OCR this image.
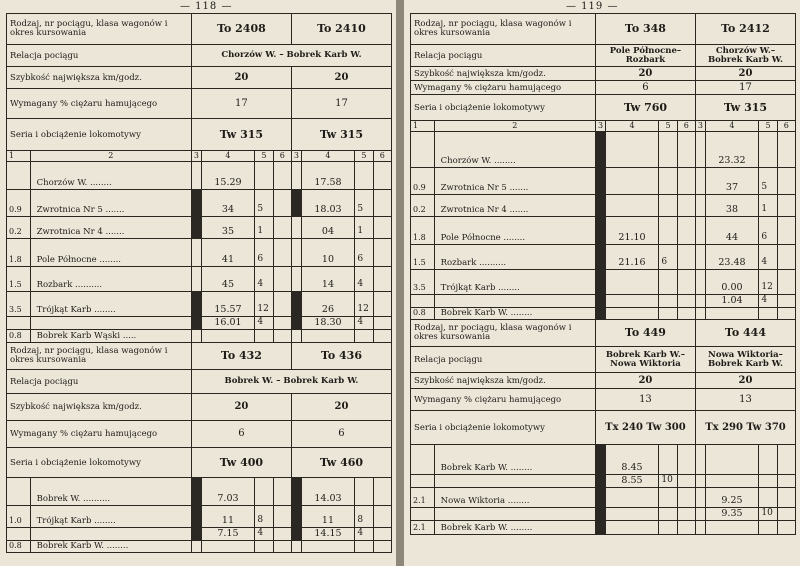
— 118 —
Rodzaj, nr pociągu, klasa wagonów i okres kursowania		To 2408				To 2410			
Relacja pociągu		Chorzów W. – Bobrek Karb W.							
Szybkość największa km/godz.		20				20			
Wymagany % ciężaru hamującego		17				17			
Seria i obciążenie lokomotywy		Tw 315				Tw 315			
1	2	3	4	5	6	3	4	5	6
	Chorzów W. ........		15.29				17.58		
0.9	Zwrotnica Nr 5 .......		34	5			18.03	5	
0.2	Zwrotnica Nr 4 .......		35	1			04	1	
1.8	Pole Północne ........		41	6			10	6	
1.5	Rozbark ..........		45	4			14	4	
3.5	Trójkąt Karb ........		15.57	12			26	12	
			16.01	4			18.30	4	
0.8	Bobrek Karb Wąski .....								
Rodzaj, nr pociągu, klasa wagonów i okres kursowania		To 432				To 436			
Relacja pociągu		Bobrek W. – Bobrek Karb W.							
Szybkość największa km/godz.		20				20			
Wymagany % ciężaru hamującego		6				6			
Seria i obciążenie lokomotywy		Tw 400				Tw 460			
	Bobrek W. ..........		7.03				14.03		
1.0	Trójkąt Karb ........		11	8			11	8	
			7.15	4			14.15	4	
0.8	Bobrek Karb W. ........								
— 119 —
Rodzaj, nr pociągu, klasa wagonów i okres kursowania		To 348				To 2412			
Relacja pociągu		Pole Północne– Rozbark				Chorzów W.– Bobrek Karb W.			
Szybkość największa km/godz.		20				20			
Wymagany % ciężaru hamującego		6				17			
Seria i obciążenie lokomotywy		Tw 760				Tw 315			
1	2	3	4	5	6	3	4	5	6
	Chorzów W. ........						23.32		
0.9	Zwrotnica Nr 5 .......						37	5	
0.2	Zwrotnica Nr 4 .......						38	1	
1.8	Pole Północne ........		21.10				44	6	
1.5	Rozbark ..........		21.16	6			23.48	4	
3.5	Trójkąt Karb ........						0.00	12	
							1.04	4	
0.8	Bobrek Karb W. ........								
Rodzaj, nr pociągu, klasa wagonów i okres kursowania		To 449				To 444			
Relacja pociągu		Bobrek Karb W.– Nowa Wiktoria				Nowa Wiktoria– Bobrek Karb W.			
Szybkość największa km/godz.		20				20			
Wymagany % ciężaru hamującego		13				13			
Seria i obciążenie lokomotywy		Tx 240 Tw 300				Tx 290 Tw 370			
	Bobrek Karb W. ........		8.45						
			8.55	10					
2.1	Nowa Wiktoria ........						9.25		
							9.35	10	
2.1	Bobrek Karb W. ........								
